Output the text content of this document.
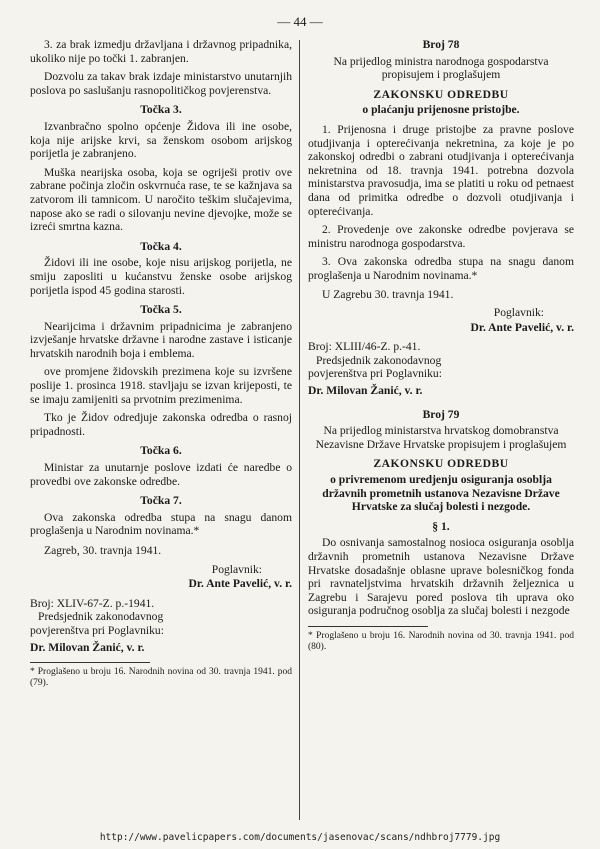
— 44 —

3. za brak izmedju državljana i državnog pripadnika, ukoliko nije po točki 1. zabranjen.

Dozvolu za takav brak izdaje ministarstvo unutarnjih poslova po saslušanju rasnopolitičkog povjerenstva.

Točka 3.

Izvanbračno spolno općenje Židova ili ine osobe, koja nije arijske krvi, sa ženskom osobom arijskog porijetla je zabranjeno.

Muška nearijska osoba, koja se ogriješi protiv ove zabrane počinja zločin oskvrnuća rase, te se kažnjava sa zatvorom ili tamnicom. U naročito teškim slučajevima, napose ako se radi o silovanju nevine djevojke, može se izreći smrtna kazna.

Točka 4.

Židovi ili ine osobe, koje nisu arijskog porijetla, ne smiju zaposliti u kućanstvu ženske osobe arijskog porijetla ispod 45 godina starosti.

Točka 5.

Nearijcima i državnim pripadnicima je zabranjeno izvješanje hrvatske državne i narodne zastave i isticanje hrvatskih narodnih boja i emblema.

ove promjene židovskih prezimena koje su izvršene poslije 1. prosinca 1918. stavljaju se izvan krijeposti, te se imaju zamijeniti sa prvotnim prezimenima.

Tko je Židov odredjuje zakonska odredba o rasnoj pripadnosti.

Točka 6.

Ministar za unutarnje poslove izdati će naredbe o provedbi ove zakonske odredbe.

Točka 7.

Ova zakonska odredba stupa na snagu danom proglašenja u Narodnim novinama.*

Zagreb, 30. travnja 1941.

Poglavnik:
Dr. Ante Pavelić, v. r.
Broj: XLIV-67-Z. p.-1941.
Predsjednik zakonodavnog
povjerenštva pri Poglavniku:
Dr. Milovan Žanić, v. r.
* Proglašeno u broju 16. Narodnih novina od 30. travnja 1941. pod (79).
Broj 78

Na prijedlog ministra narodnoga gospodarstva propisujem i proglašujem

ZAKONSKU ODREDBU
o plaćanju prijenosne pristojbe.

1. Prijenosna i druge pristojbe za pravne poslove otudjivanja i opterećivanja nekretnina, za koje je po zakonskoj odredbi o zabrani otudjivanja i opterećivanja nekretnina od 18. travnja 1941. potrebna dozvola ministarstva pravosudja, ima se platiti u roku od petnaest dana od primitka odredbe o dozvoli otudjivanja i opterećivanja.

2. Provedenje ove zakonske odredbe povjerava se ministru narodnoga gospodarstva.

3. Ova zakonska odredba stupa na snagu danom proglašenja u Narodnim novinama.*

U Zagrebu 30. travnja 1941.

Poglavnik:
Dr. Ante Pavelić, v. r.
Broj: XLIII/46-Z. p.-41.
Predsjednik zakonodavnog
povjerenštva pri Poglavniku:
Dr. Milovan Žanić, v. r.
Broj 79

Na prijedlog ministarstva hrvatskog domobranstva Nezavisne Države Hrvatske propisujem i proglašujem

ZAKONSKU ODREDBU
o privremenom uredjenju osiguranja osoblja državnih prometnih ustanova Nezavisne Države Hrvatske za slučaj bolesti i nezgode.
§ 1.

Do osnivanja samostalnog nosioca osiguranja osoblja državnih prometnih ustanova Nezavisne Države Hrvatske dosadašnje oblasne uprave bolesničkog fonda pri ravnateljstvima hrvatskih državnih željeznica u Zagrebu i Sarajevu pored poslova tih uprava oko osiguranja područnog osoblja za slučaj bolesti i nezgode

* Proglašeno u broju 16. Narodnih novina od 30. travnja 1941. pod (80).
http://www.pavelicpapers.com/documents/jasenovac/scans/ndhbroj7779.jpg
